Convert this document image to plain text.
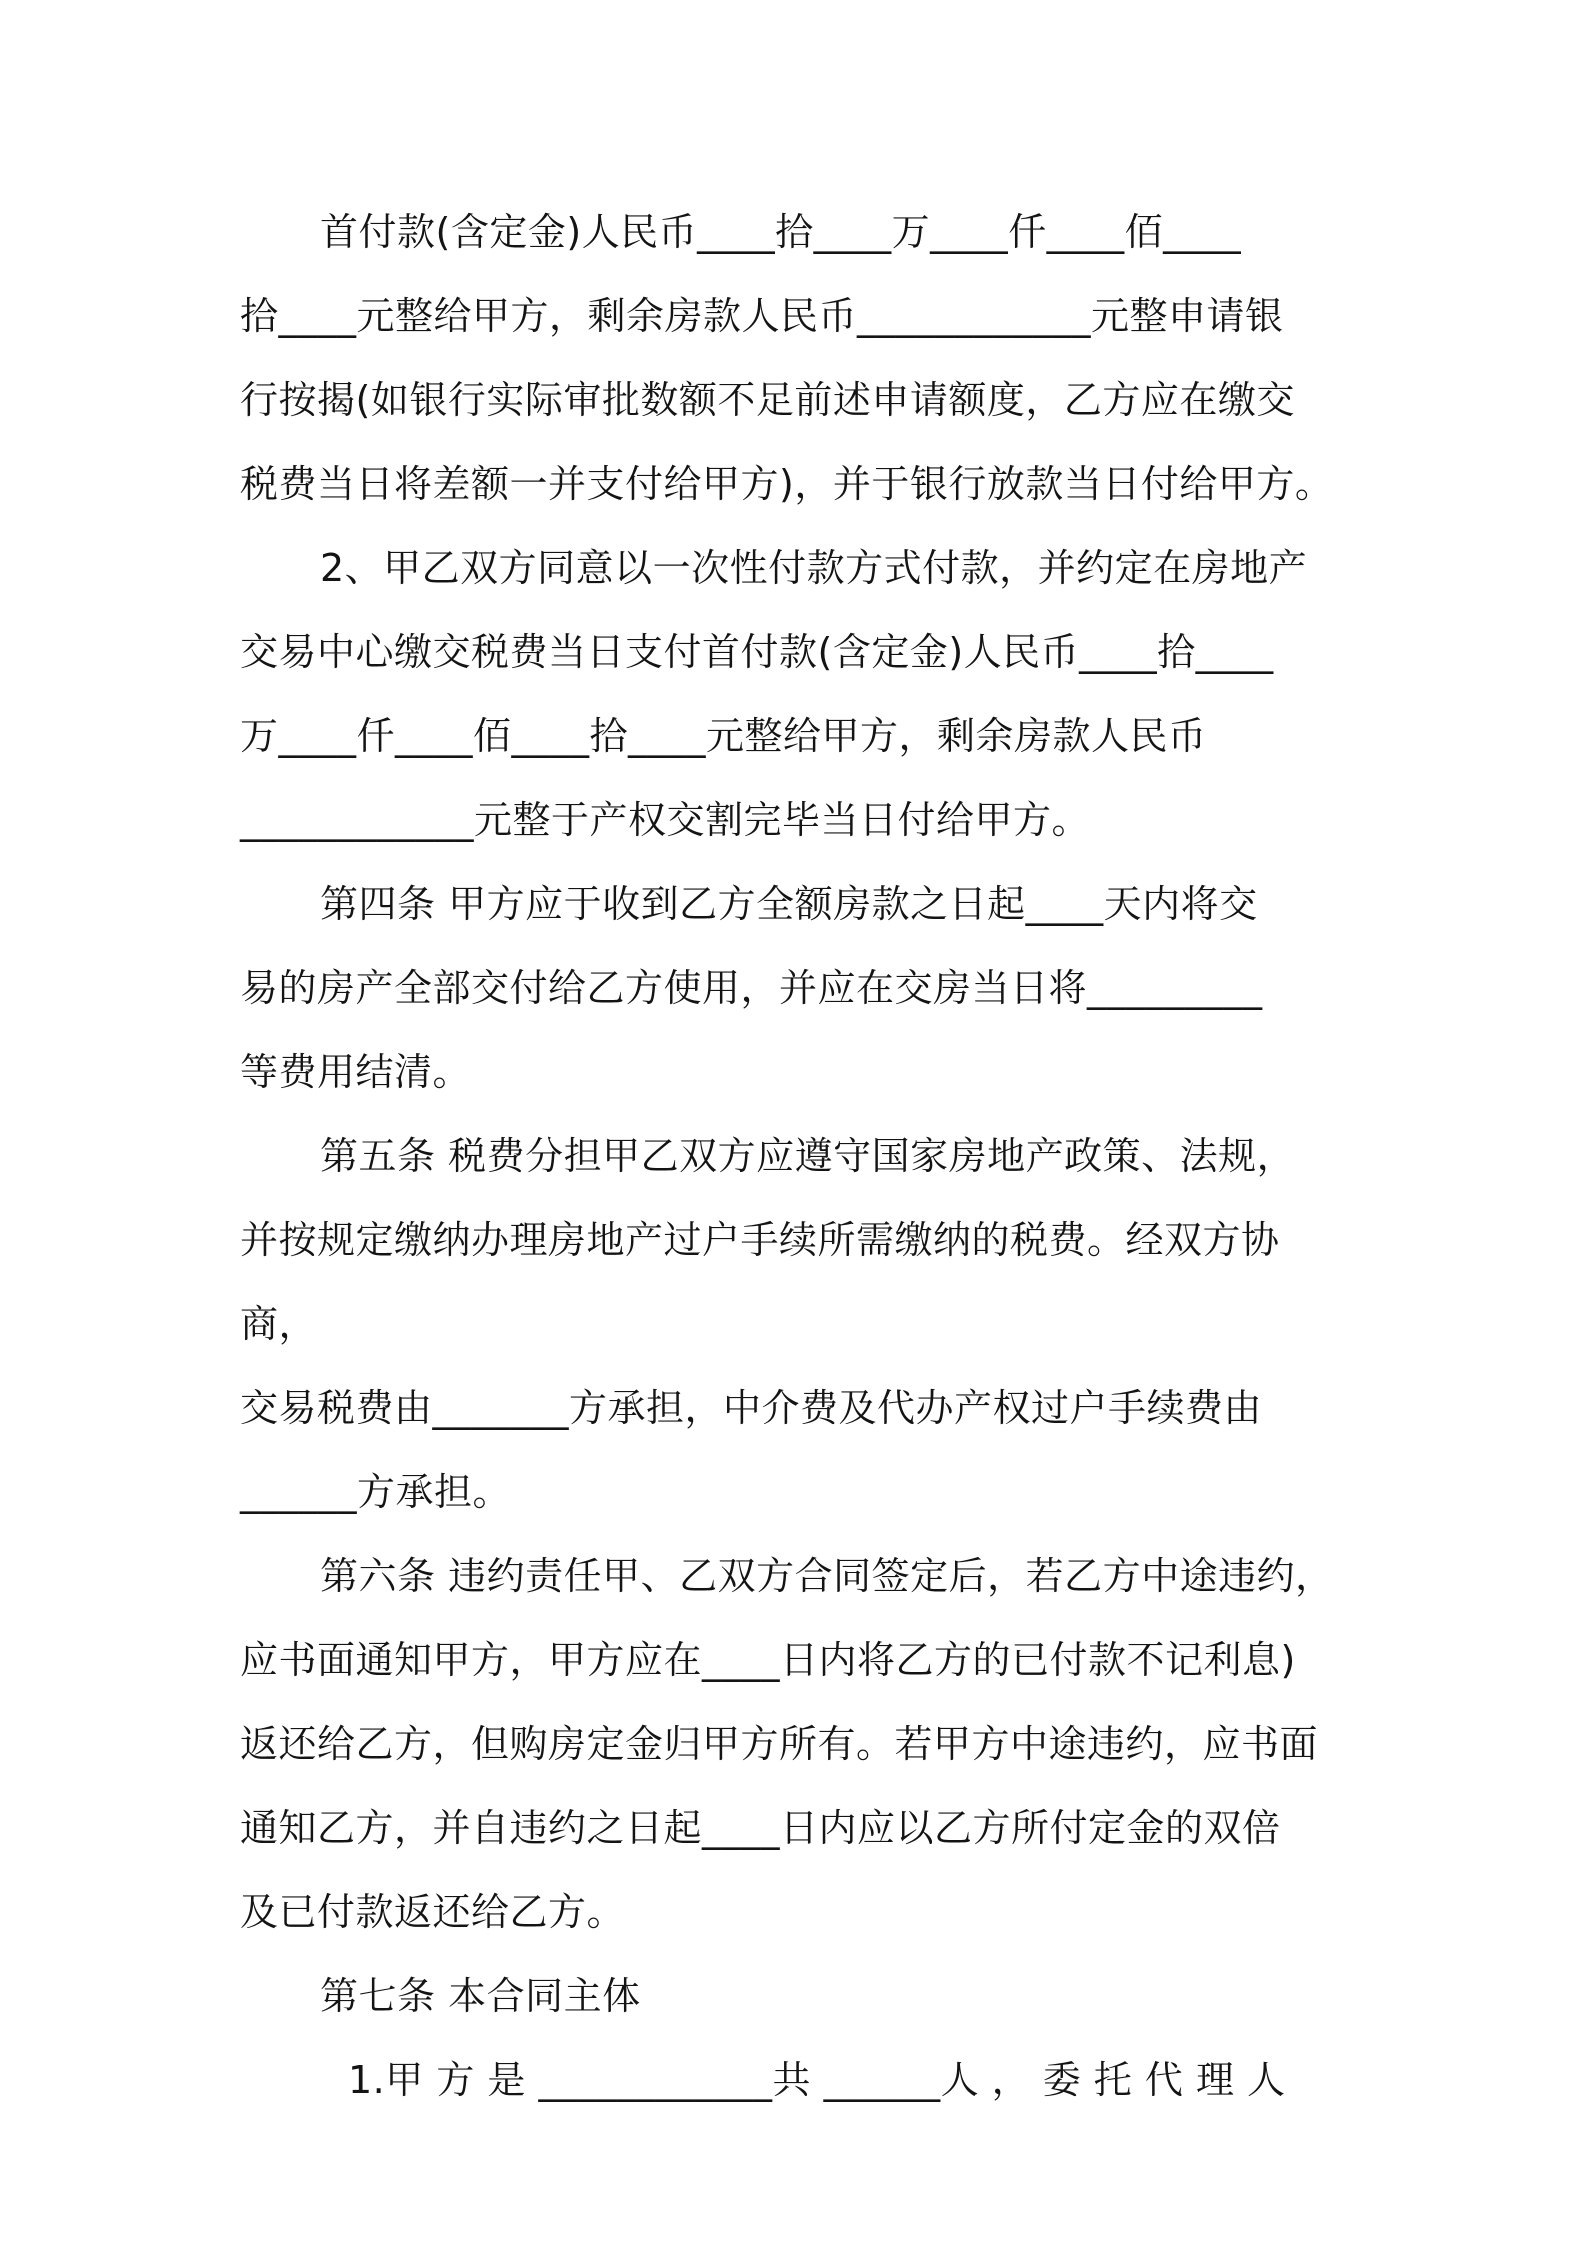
首付款(含定金)人民币____拾____万____仟____佰____
拾____元整给甲方，剩余房款人民币____________元整申请银
行按揭(如银行实际审批数额不足前述申请额度，乙方应在缴交
税费当日将差额一并支付给甲方)，并于银行放款当日付给甲方。

2、甲乙双方同意以一次性付款方式付款，并约定在房地产
交易中心缴交税费当日支付首付款(含定金)人民币____拾____
万____仟____佰____拾____元整给甲方，剩余房款人民币
____________元整于产权交割完毕当日付给甲方。

第四条 甲方应于收到乙方全额房款之日起____天内将交
易的房产全部交付给乙方使用，并应在交房当日将_________
等费用结清。

第五条 税费分担甲乙双方应遵守国家房地产政策、法规，
并按规定缴纳办理房地产过户手续所需缴纳的税费。经双方协商，
交易税费由_______方承担，中介费及代办产权过户手续费由
______方承担。

第六条 违约责任甲、乙双方合同签定后，若乙方中途违约，
应书面通知甲方，甲方应在____日内将乙方的已付款不记利息)
返还给乙方，但购房定金归甲方所有。若甲方中途违约，应书面
通知乙方，并自违约之日起____日内应以乙方所付定金的双倍
及已付款返还给乙方。

第七条 本合同主体

1.甲 方 是 ____________共 ______人 ， 委 托 代 理 人
